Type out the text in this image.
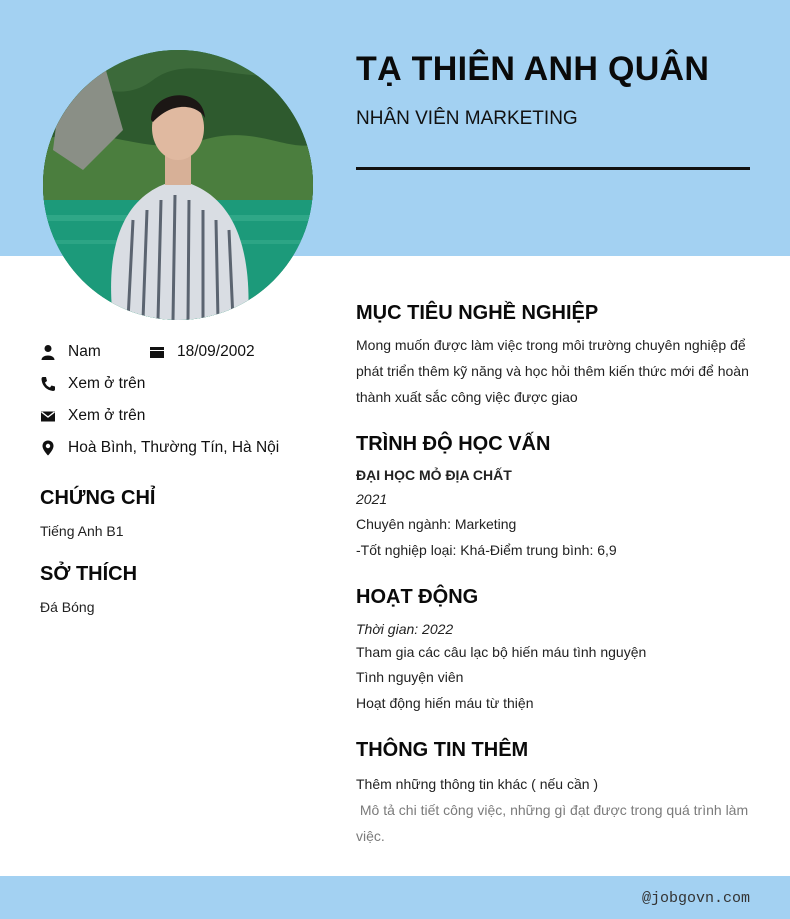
TẠ THIÊN ANH QUÂN
NHÂN VIÊN MARKETING
Nam	18/09/2002
Xem ở trên
Xem ở trên
Hoà Bình, Thường Tín, Hà Nội
CHỨNG CHỈ
Tiếng Anh B1
SỞ THÍCH
Đá Bóng
MỤC TIÊU NGHỀ NGHIỆP
Mong muốn được làm việc trong môi trường chuyên nghiệp để phát triển thêm kỹ năng và học hỏi thêm kiến thức mới để hoàn thành xuất sắc công việc được giao
TRÌNH ĐỘ HỌC VẤN
ĐẠI HỌC MỎ ĐỊA CHẤT
2021
Chuyên ngành: Marketing
-Tốt nghiệp loại: Khá-Điểm trung bình: 6,9
HOẠT ĐỘNG
Thời gian: 2022
Tham gia các câu lạc bộ hiến máu tình nguyện
Tình nguyện viên
Hoạt động hiến máu từ thiện
THÔNG TIN THÊM
Thêm những thông tin khác ( nếu cần )
Mô tả chi tiết công việc, những gì đạt được trong quá trình làm việc.
@jobgovn.com
